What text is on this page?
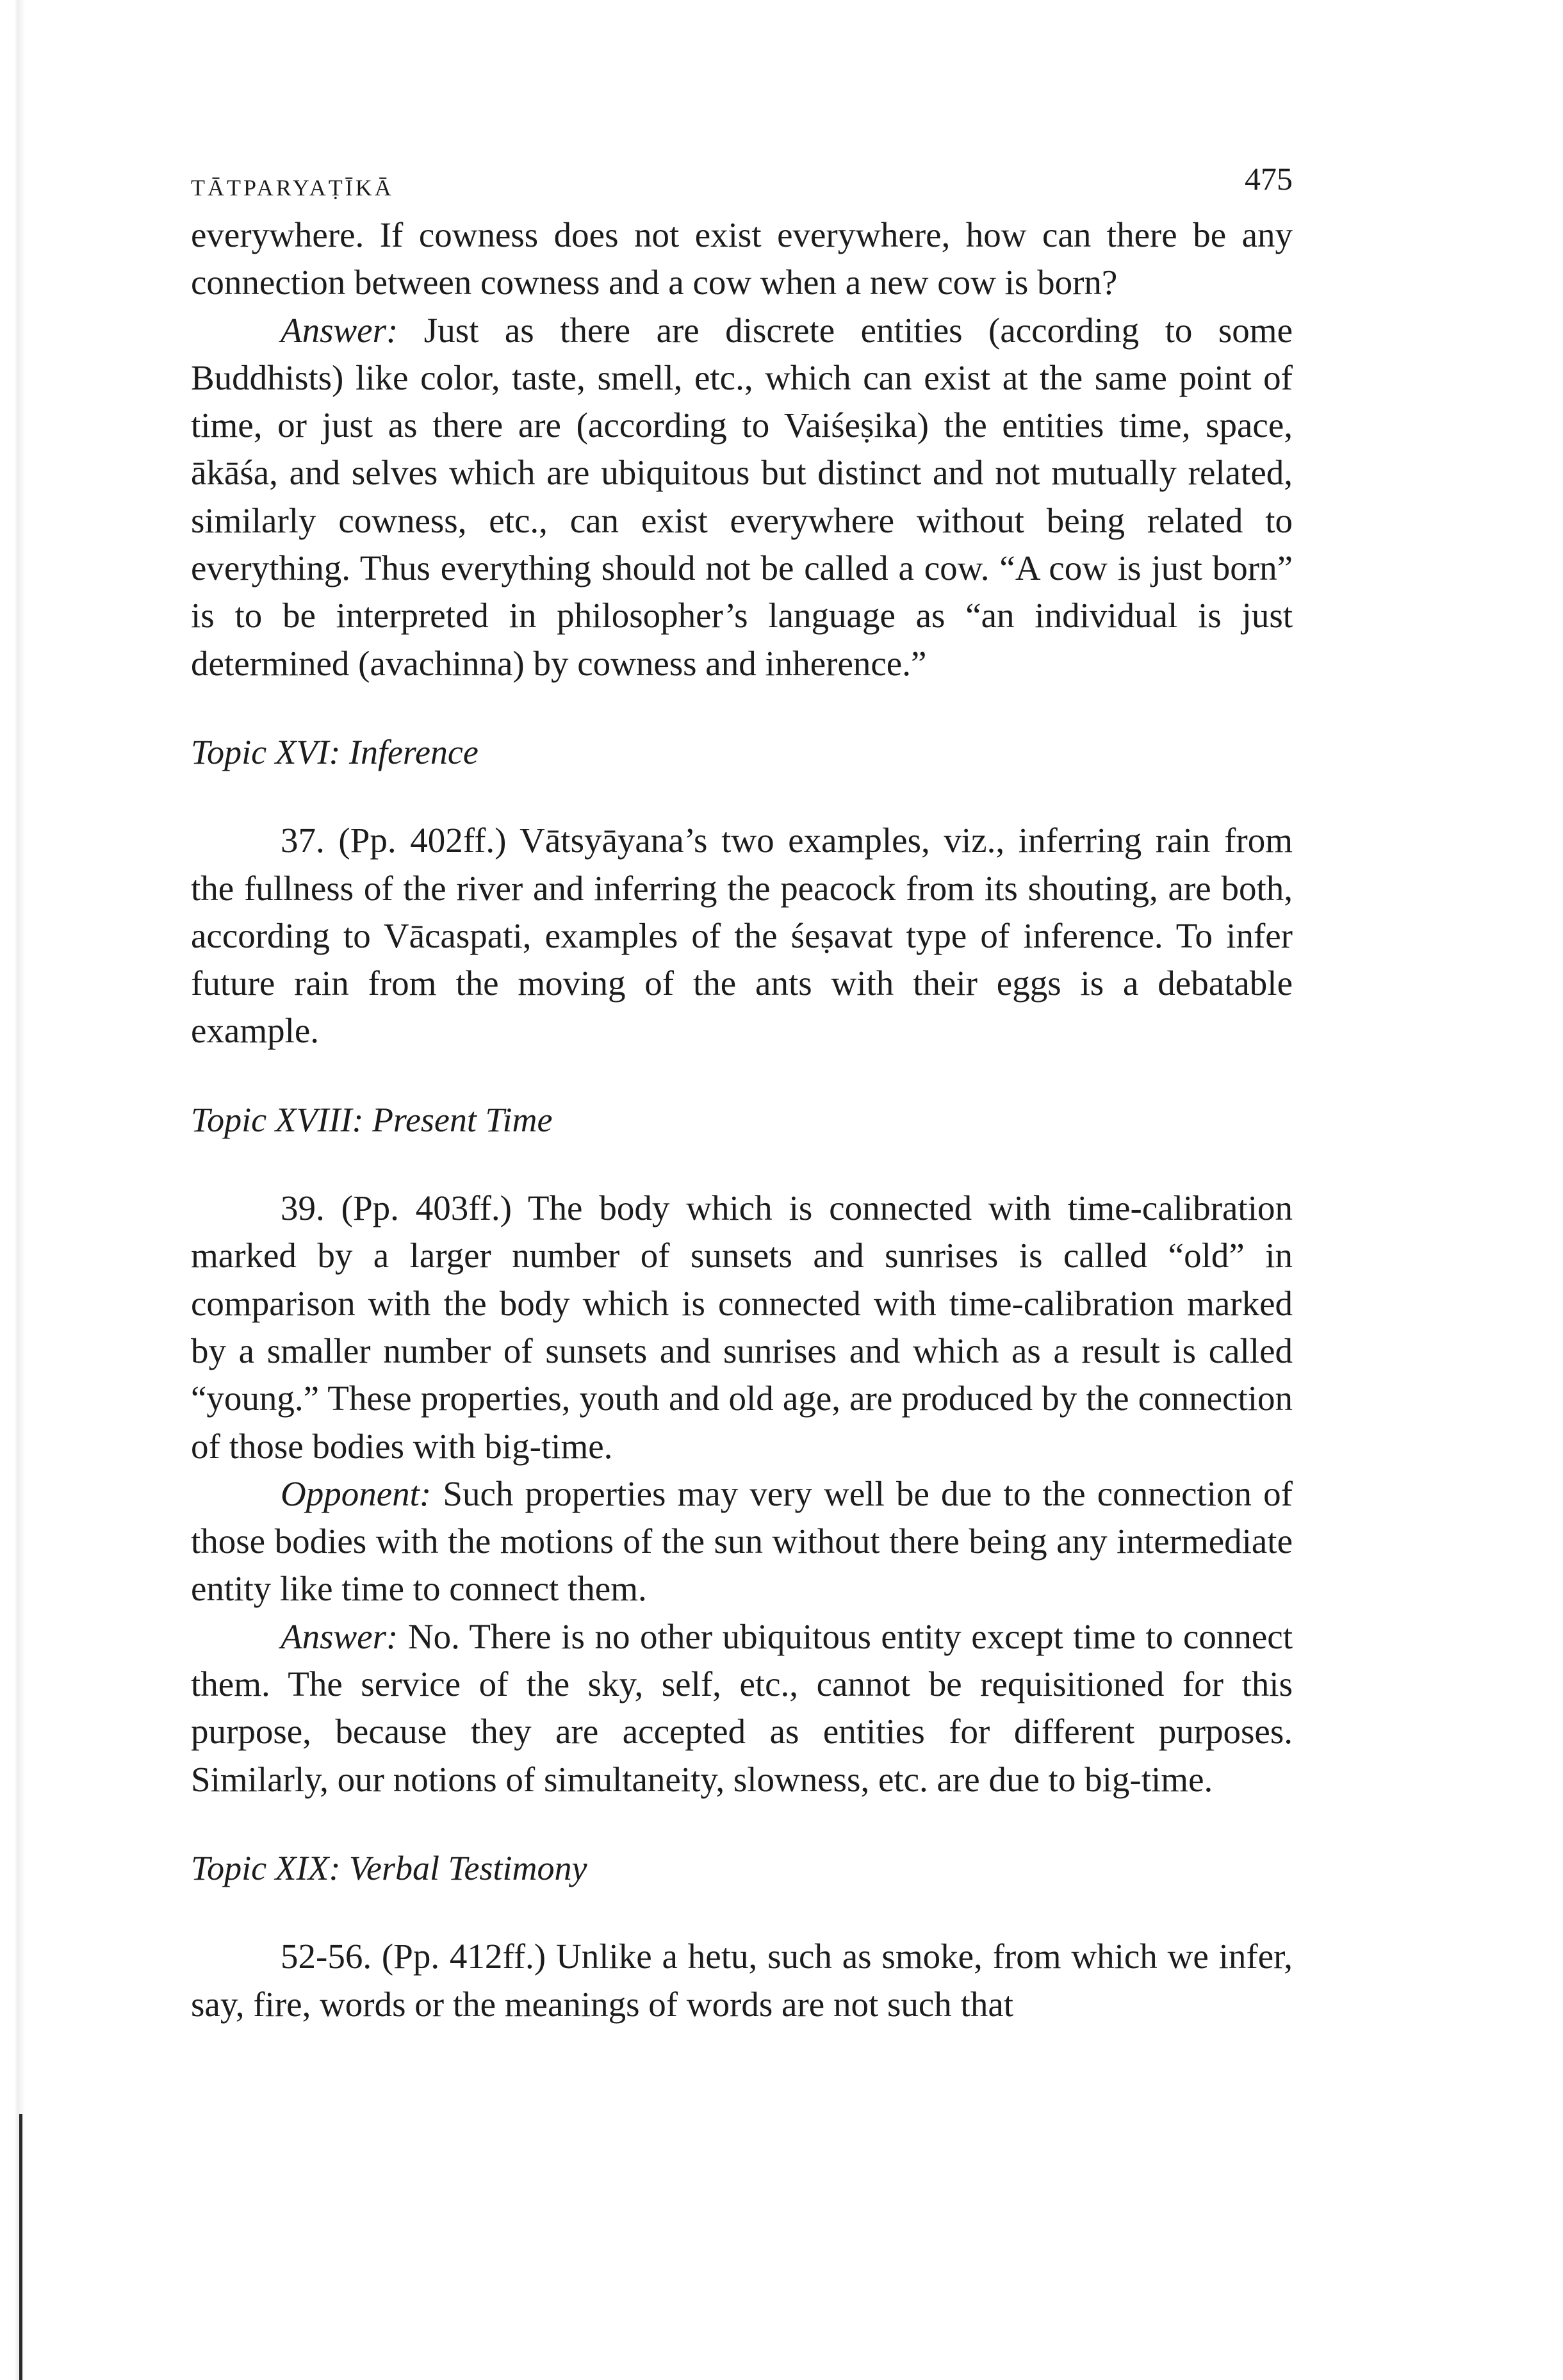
TĀTPARYAṬĪKĀ	475

everywhere. If cowness does not exist everywhere, how can there be any connection between cowness and a cow when a new cow is born?

Answer: Just as there are discrete entities (according to some Buddhists) like color, taste, smell, etc., which can exist at the same point of time, or just as there are (according to Vaiśeṣika) the entities time, space, ākāśa, and selves which are ubiquitous but distinct and not mutually related, similarly cowness, etc., can exist everywhere without being related to everything. Thus everything should not be called a cow. “A cow is just born” is to be interpreted in philosopher’s language as “an individual is just determined (avachinna) by cowness and inherence.”

Topic XVI: Inference

37. (Pp. 402ff.) Vātsyāyana’s two examples, viz., inferring rain from the fullness of the river and inferring the peacock from its shouting, are both, according to Vācaspati, examples of the śeṣavat type of inference. To infer future rain from the moving of the ants with their eggs is a debatable example.

Topic XVIII: Present Time

39. (Pp. 403ff.) The body which is connected with time-calibration marked by a larger number of sunsets and sunrises is called “old” in comparison with the body which is connected with time-calibration marked by a smaller number of sunsets and sunrises and which as a result is called “young.” These properties, youth and old age, are produced by the connection of those bodies with big-time.

Opponent: Such properties may very well be due to the connection of those bodies with the motions of the sun without there being any intermediate entity like time to connect them.

Answer: No. There is no other ubiquitous entity except time to connect them. The service of the sky, self, etc., cannot be requisitioned for this purpose, because they are accepted as entities for different purposes. Similarly, our notions of simultaneity, slowness, etc. are due to big-time.

Topic XIX: Verbal Testimony

52-56. (Pp. 412ff.) Unlike a hetu, such as smoke, from which we infer, say, fire, words or the meanings of words are not such that
